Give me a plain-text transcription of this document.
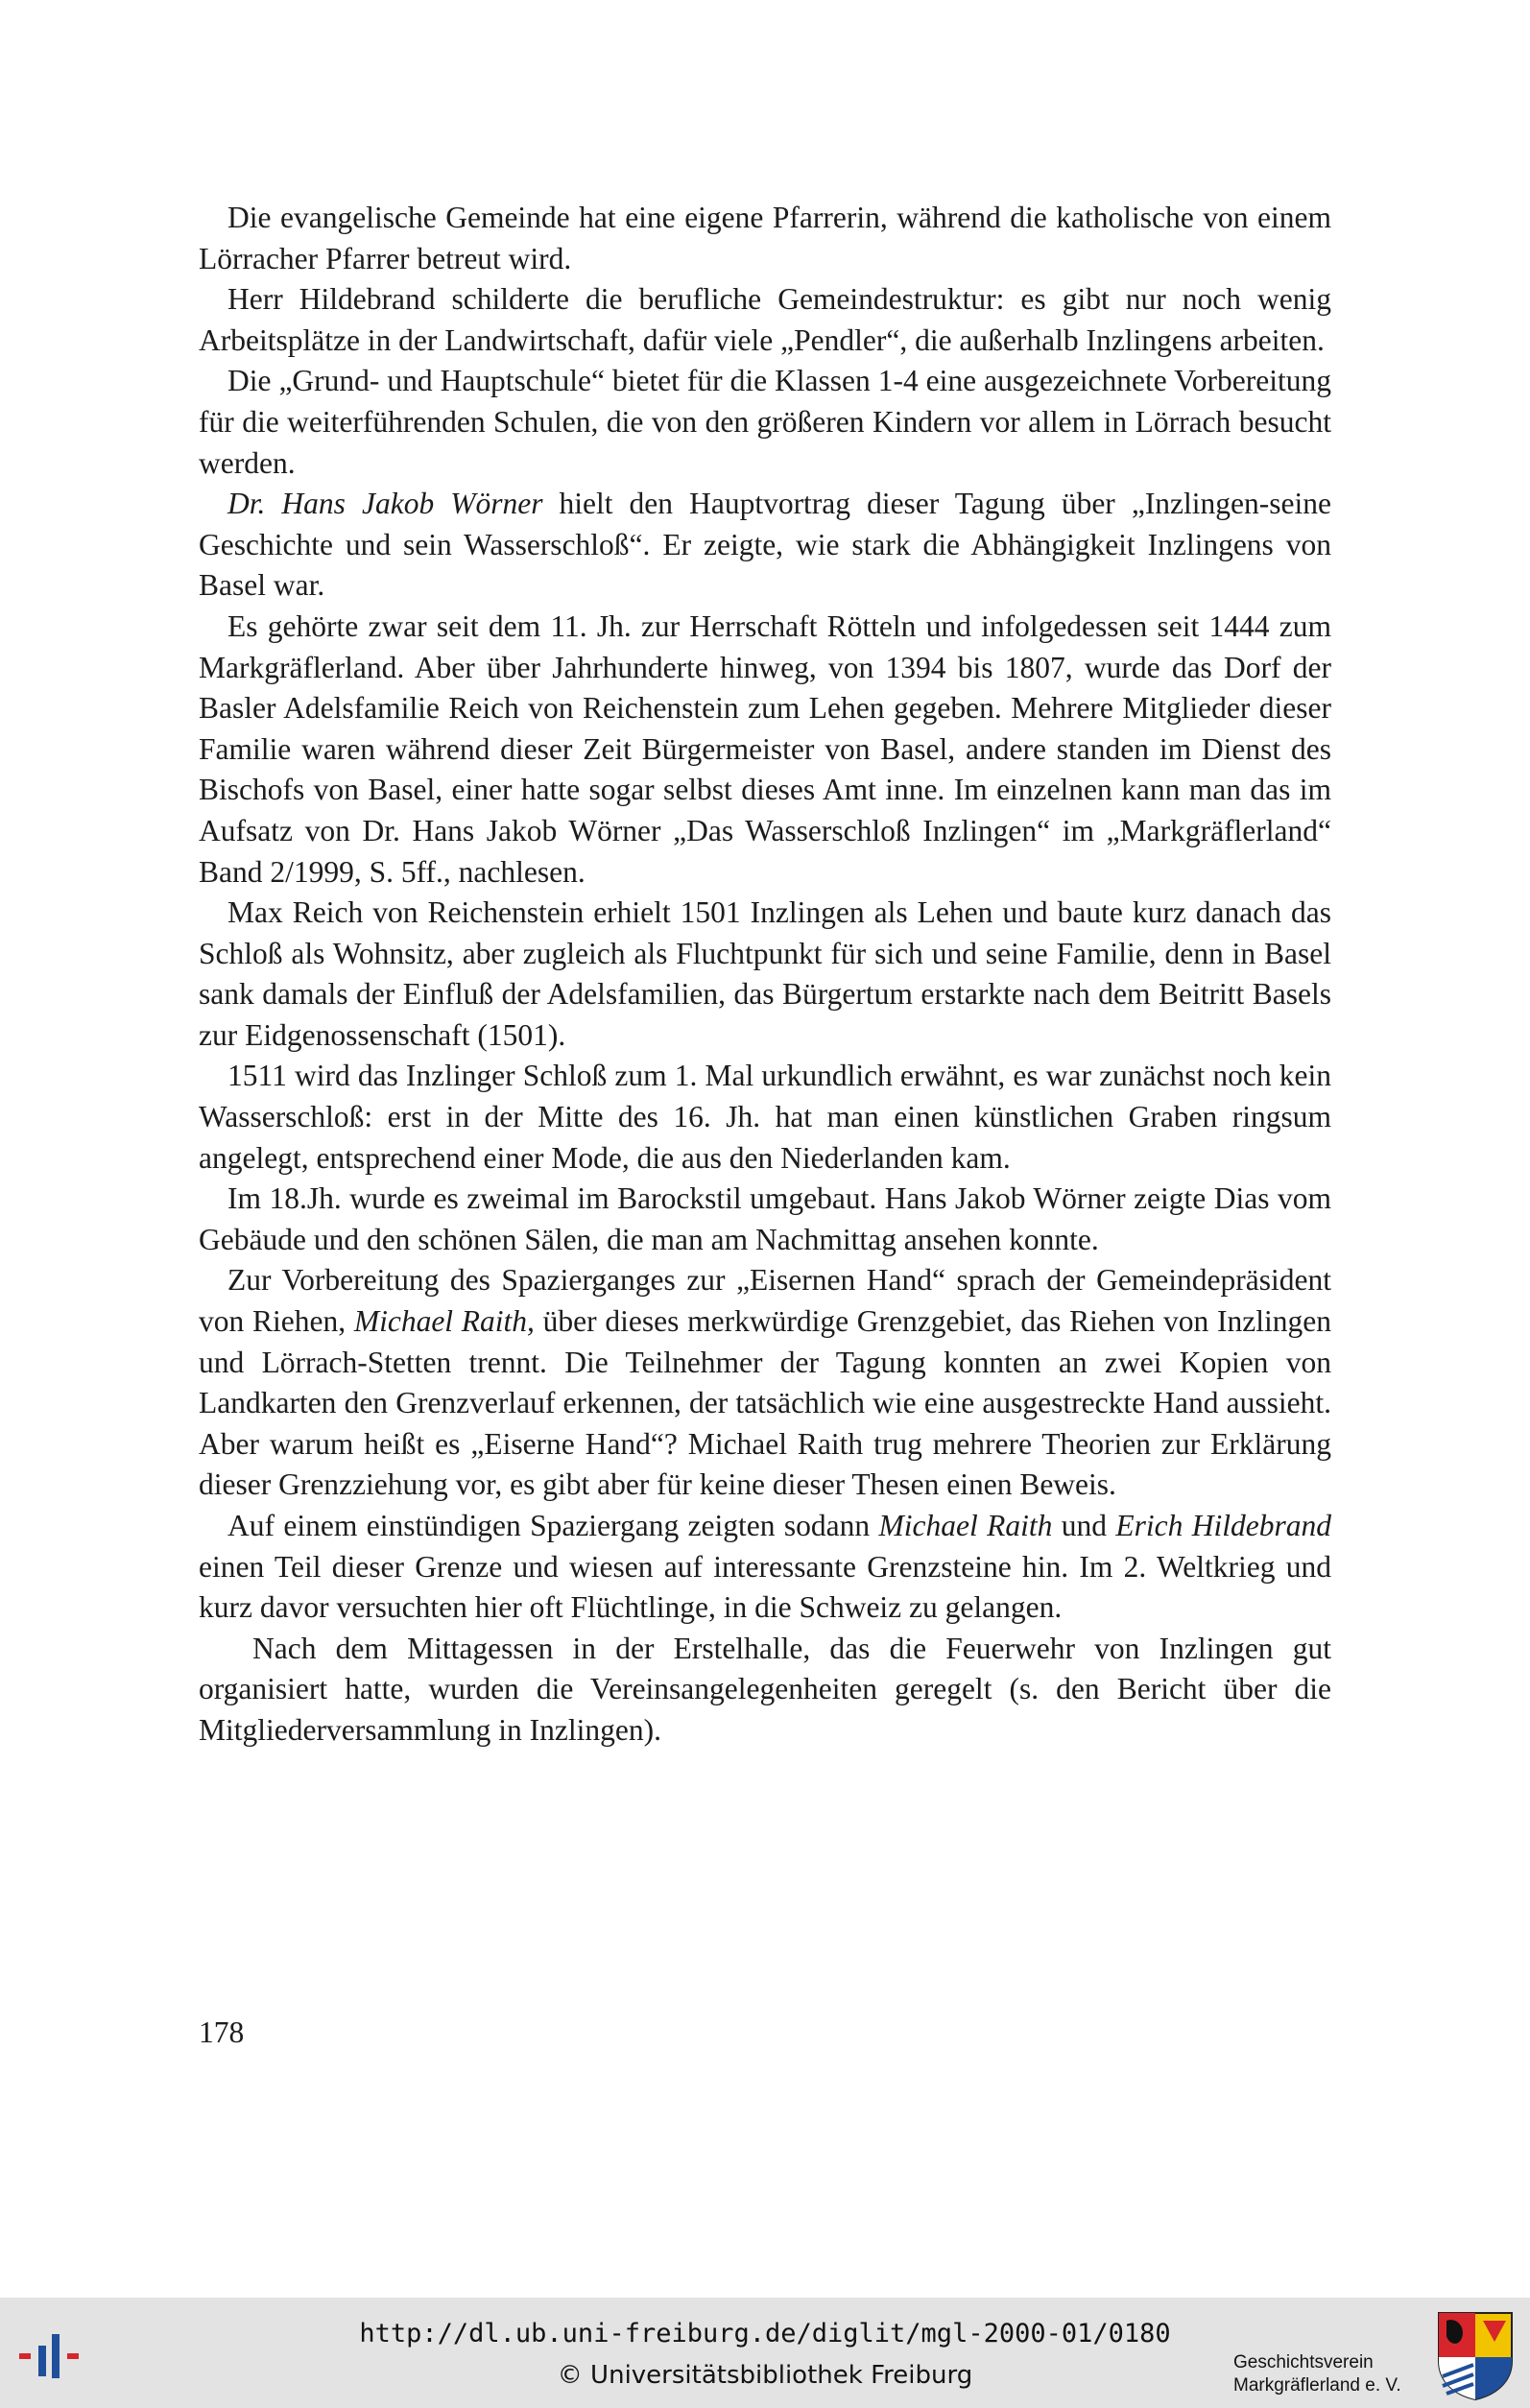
Die evangelische Gemeinde hat eine eigene Pfarrerin, während die katholische von einem Lörracher Pfarrer betreut wird.

Herr Hildebrand schilderte die berufliche Gemeindestruktur: es gibt nur noch wenig Arbeitsplätze in der Landwirtschaft, dafür viele „Pendler“, die außerhalb Inzlingens arbeiten.

Die „Grund- und Hauptschule“ bietet für die Klassen 1-4 eine ausgezeichnete Vorbereitung für die weiterführenden Schulen, die von den größeren Kindern vor allem in Lörrach besucht werden.

Dr. Hans Jakob Wörner hielt den Hauptvortrag dieser Tagung über „Inzlingen-seine Geschichte und sein Wasserschloß“. Er zeigte, wie stark die Abhängigkeit Inzlingens von Basel war.

Es gehörte zwar seit dem 11. Jh. zur Herrschaft Rötteln und infolgedessen seit 1444 zum Markgräflerland. Aber über Jahrhunderte hinweg, von 1394 bis 1807, wurde das Dorf der Basler Adelsfamilie Reich von Reichenstein zum Lehen gegeben. Mehrere Mitglieder dieser Familie waren während dieser Zeit Bürgermeister von Basel, andere standen im Dienst des Bischofs von Basel, einer hatte sogar selbst dieses Amt inne. Im einzelnen kann man das im Aufsatz von Dr. Hans Jakob Wörner „Das Wasserschloß Inzlingen“ im „Markgräflerland“ Band 2/1999, S. 5ff., nachlesen.

Max Reich von Reichenstein erhielt 1501 Inzlingen als Lehen und baute kurz danach das Schloß als Wohnsitz, aber zugleich als Fluchtpunkt für sich und seine Familie, denn in Basel sank damals der Einfluß der Adelsfamilien, das Bürgertum erstarkte nach dem Beitritt Basels zur Eidgenossenschaft (1501).

1511 wird das Inzlinger Schloß zum 1. Mal urkundlich erwähnt, es war zunächst noch kein Wasserschloß: erst in der Mitte des 16. Jh. hat man einen künstlichen Graben ringsum angelegt, entsprechend einer Mode, die aus den Niederlanden kam.

Im 18.Jh. wurde es zweimal im Barockstil umgebaut. Hans Jakob Wörner zeigte Dias vom Gebäude und den schönen Sälen, die man am Nachmittag ansehen konnte.

Zur Vorbereitung des Spazierganges zur „Eisernen Hand“ sprach der Gemeindepräsident von Riehen, Michael Raith, über dieses merkwürdige Grenzgebiet, das Riehen von Inzlingen und Lörrach-Stetten trennt. Die Teilnehmer der Tagung konnten an zwei Kopien von Landkarten den Grenzverlauf erkennen, der tatsächlich wie eine ausgestreckte Hand aussieht. Aber warum heißt es „Eiserne Hand“? Michael Raith trug mehrere Theorien zur Erklärung dieser Grenzziehung vor, es gibt aber für keine dieser Thesen einen Beweis.

Auf einem einstündigen Spaziergang zeigten sodann Michael Raith und Erich Hildebrand einen Teil dieser Grenze und wiesen auf interessante Grenzsteine hin. Im 2. Weltkrieg und kurz davor versuchten hier oft Flüchtlinge, in die Schweiz zu gelangen.

Nach dem Mittagessen in der Erstelhalle, das die Feuerwehr von Inzlingen gut organisiert hatte, wurden die Vereinsangelegenheiten geregelt (s. den Bericht über die Mitgliederversammlung in Inzlingen).

178
http://dl.ub.uni-freiburg.de/diglit/mgl-2000-01/0180
© Universitätsbibliothek Freiburg	Geschichtsverein
Markgräflerland e. V.
